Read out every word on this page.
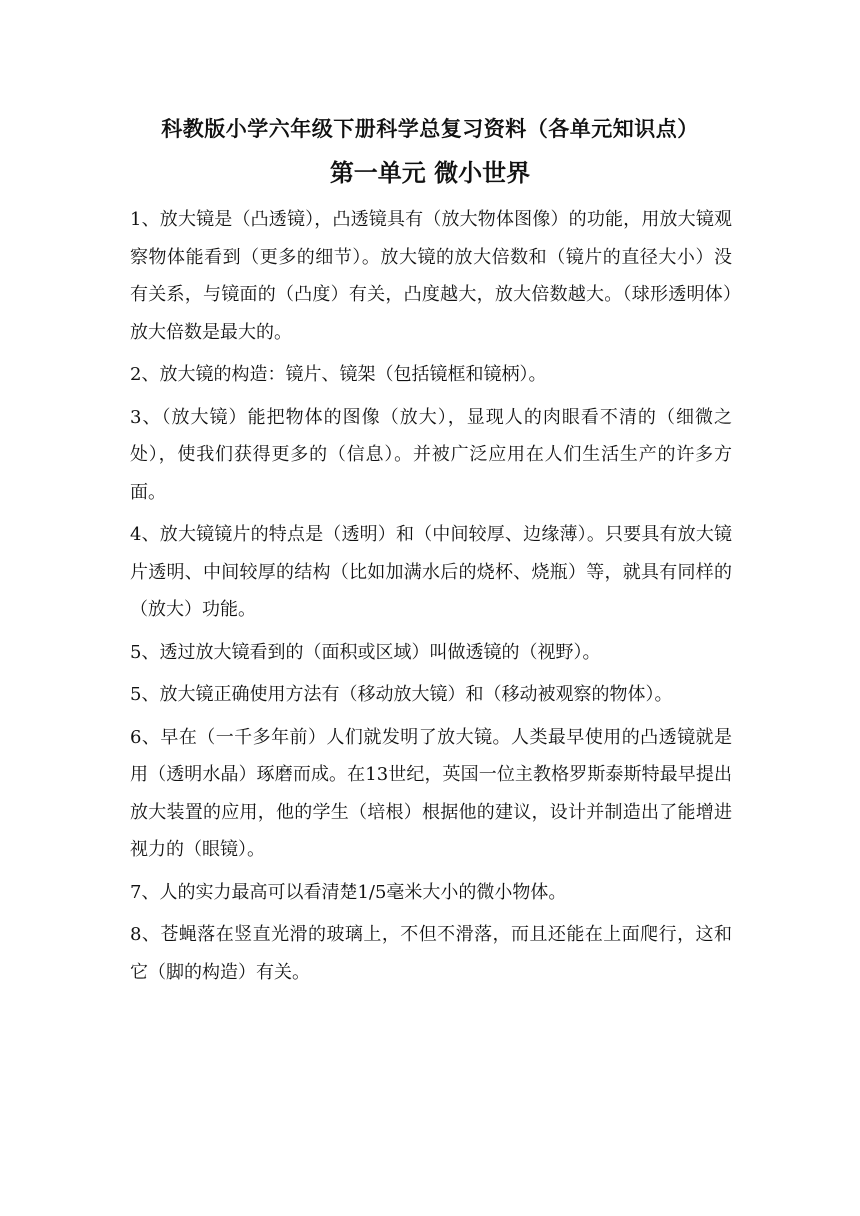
科教版小学六年级下册科学总复习资料（各单元知识点）
第一单元 微小世界

1、放大镜是（凸透镜），凸透镜具有（放大物体图像）的功能，用放大镜观察物体能看到（更多的细节）。放大镜的放大倍数和（镜片的直径大小）没有关系，与镜面的（凸度）有关，凸度越大，放大倍数越大。（球形透明体）放大倍数是最大的。

2、放大镜的构造：镜片、镜架（包括镜框和镜柄）。

3、（放大镜）能把物体的图像（放大），显现人的肉眼看不清的（细微之处），使我们获得更多的（信息）。并被广泛应用在人们生活生产的许多方面。

4、放大镜镜片的特点是（透明）和（中间较厚、边缘薄）。只要具有放大镜片透明、中间较厚的结构（比如加满水后的烧杯、烧瓶）等，就具有同样的（放大）功能。

5、透过放大镜看到的（面积或区域）叫做透镜的（视野）。

5、放大镜正确使用方法有（移动放大镜）和（移动被观察的物体）。

6、早在（一千多年前）人们就发明了放大镜。人类最早使用的凸透镜就是用（透明水晶）琢磨而成。在13世纪，英国一位主教格罗斯泰斯特最早提出放大装置的应用，他的学生（培根）根据他的建议，设计并制造出了能增进视力的（眼镜）。

7、人的实力最高可以看清楚1/5毫米大小的微小物体。

8、苍蝇落在竖直光滑的玻璃上，不但不滑落，而且还能在上面爬行，这和它（脚的构造）有关。
